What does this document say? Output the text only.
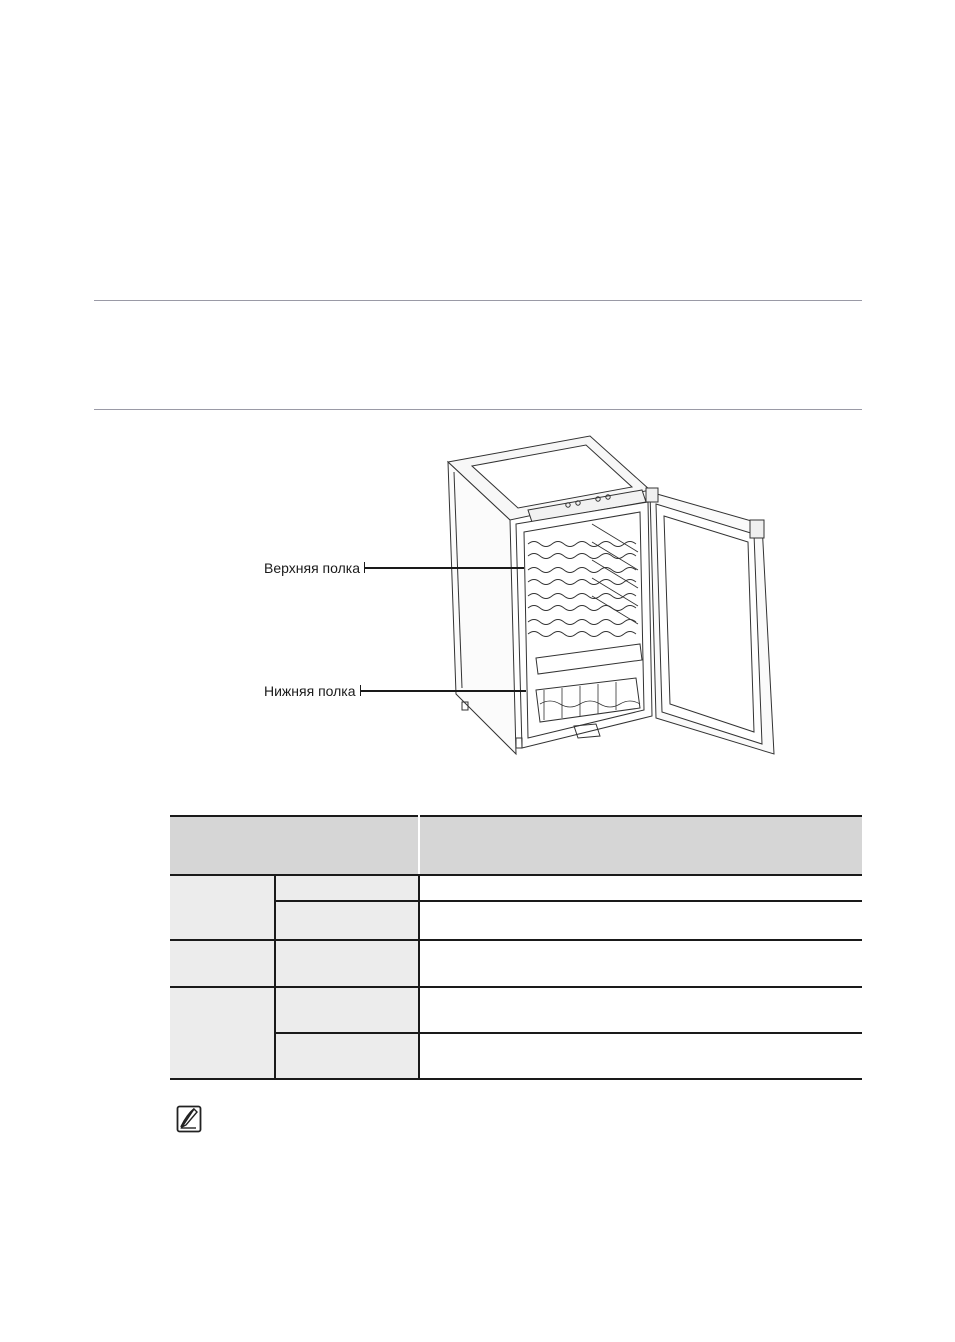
Верхняя полка
Нижняя полка
